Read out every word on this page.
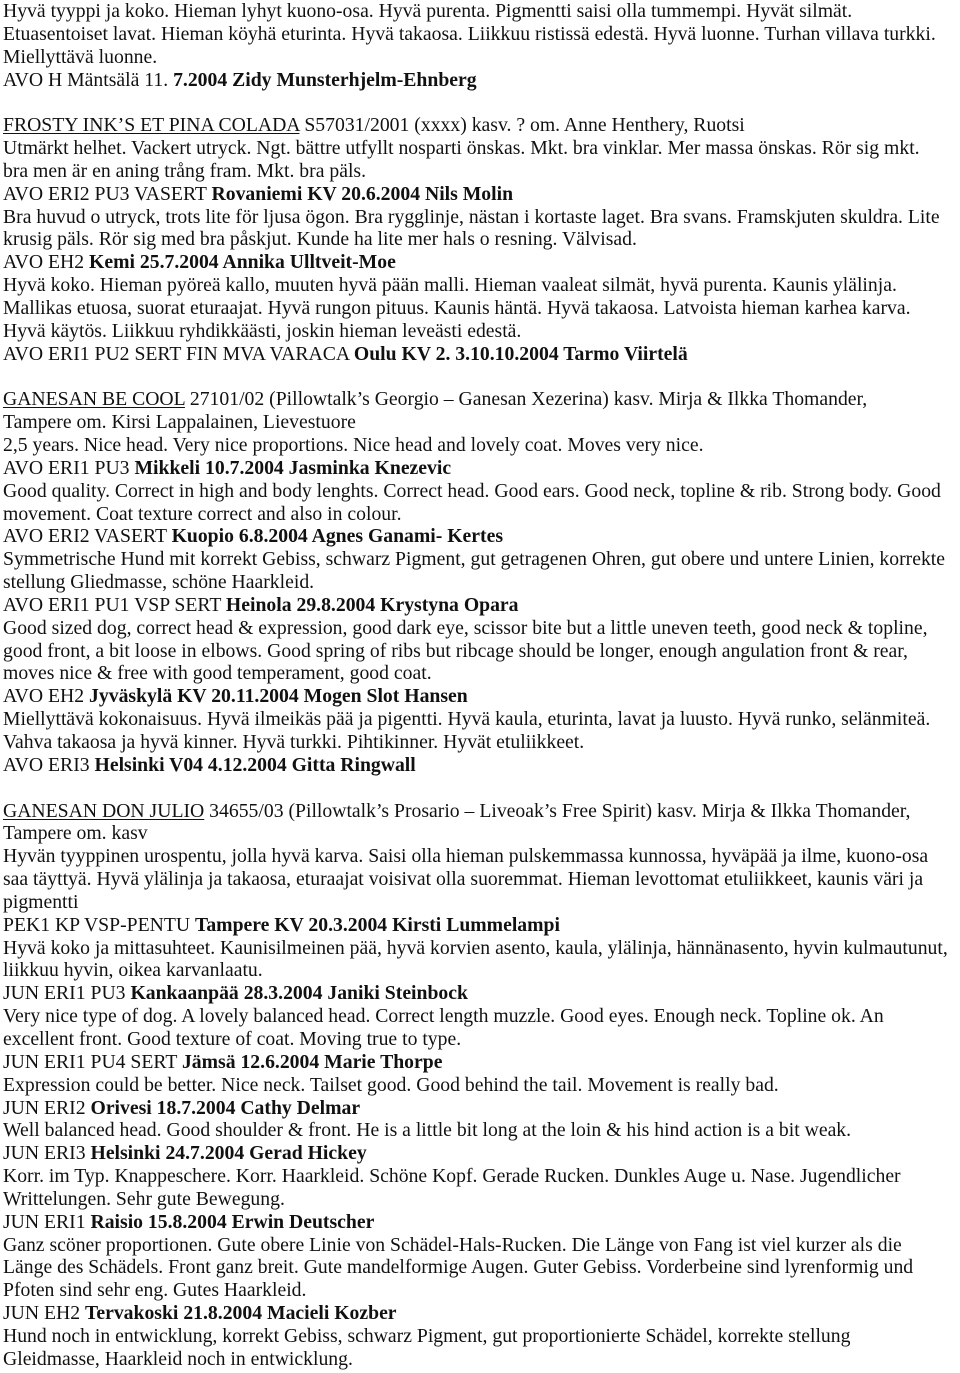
Hyvä tyyppi ja koko. Hieman lyhyt kuono-osa. Hyvä purenta. Pigmentti saisi olla tummempi. Hyvät silmät.
Etuasentoiset lavat. Hieman köyhä eturinta. Hyvä takaosa. Liikkuu ristissä edestä. Hyvä luonne. Turhan villava turkki.
Miellyttävä luonne.
AVO H Mäntsälä 11. 7.2004 Zidy Munsterhjelm-Ehnberg
FROSTY INK’S ET PINA COLADA S57031/2001 (xxxx) kasv. ? om. Anne Henthery, Ruotsi
Utmärkt helhet. Vackert utryck. Ngt. bättre utfyllt nosparti önskas. Mkt. bra vinklar. Mer massa önskas. Rör sig mkt.
bra men är en aning trång fram. Mkt. bra päls.
AVO ERI2 PU3 VASERT Rovaniemi KV 20.6.2004 Nils Molin
Bra huvud o utryck, trots lite för ljusa ögon. Bra rygglinje, nästan i kortaste laget. Bra svans. Framskjuten skuldra. Lite
krusig päls. Rör sig med bra påskjut. Kunde ha lite mer hals o resning. Välvisad.
AVO EH2 Kemi 25.7.2004 Annika Ulltveit-Moe
Hyvä koko. Hieman pyöreä kallo, muuten hyvä pään malli. Hieman vaaleat silmät, hyvä purenta. Kaunis ylälinja.
Mallikas etuosa, suorat eturaajat. Hyvä rungon pituus. Kaunis häntä. Hyvä takaosa. Latvoista hieman karhea karva.
Hyvä käytös. Liikkuu ryhdikkäästi, joskin hieman leveästi edestä.
AVO ERI1 PU2 SERT FIN MVA VARACA Oulu KV 2. 3.10.10.2004 Tarmo Viirtelä
GANESAN BE COOL 27101/02 (Pillowtalk’s Georgio – Ganesan Xezerina) kasv. Mirja & Ilkka Thomander,
Tampere om. Kirsi Lappalainen, Lievestuore
2,5 years. Nice head. Very nice proportions. Nice head and lovely coat. Moves very nice.
AVO ERI1 PU3 Mikkeli 10.7.2004 Jasminka Knezevic
Good quality. Correct in high and body lenghts. Correct head. Good ears. Good neck, topline & rib. Strong body. Good
movement. Coat texture correct and also in colour.
AVO ERI2 VASERT Kuopio 6.8.2004 Agnes Ganami- Kertes
Symmetrische Hund mit korrekt Gebiss, schwarz Pigment, gut getragenen Ohren, gut obere und untere Linien, korrekte
stellung Gliedmasse, schöne Haarkleid.
AVO ERI1 PU1 VSP SERT Heinola 29.8.2004 Krystyna Opara
Good sized dog, correct head & expression, good dark eye, scissor bite but a little uneven teeth, good neck & topline,
good front, a bit loose in elbows. Good spring of ribs but ribcage should be longer, enough angulation front & rear,
moves nice & free with good temperament, good coat.
AVO EH2 Jyväskylä KV 20.11.2004 Mogen Slot Hansen
Miellyttävä kokonaisuus. Hyvä ilmeikäs pää ja pigentti. Hyvä kaula, eturinta, lavat ja luusto. Hyvä runko, selänmiteä.
Vahva takaosa ja hyvä kinner. Hyvä turkki. Pihtikinner. Hyvät etuliikkeet.
AVO ERI3 Helsinki V04 4.12.2004 Gitta Ringwall
GANESAN DON JULIO 34655/03 (Pillowtalk’s Prosario – Liveoak’s Free Spirit) kasv. Mirja & Ilkka Thomander,
Tampere om. kasv
Hyvän tyyppinen urospentu, jolla hyvä karva. Saisi olla hieman pulskemmassa kunnossa, hyväpää ja ilme, kuono-osa
saa täyttyä. Hyvä ylälinja ja takaosa, eturaajat voisivat olla suoremmat. Hieman levottomat etuliikkeet, kaunis väri ja
pigmentti
PEK1 KP VSP-PENTU Tampere KV 20.3.2004 Kirsti Lummelampi
Hyvä koko ja mittasuhteet. Kaunisilmeinen pää, hyvä korvien asento, kaula, ylälinja, hännänasento, hyvin kulmautunut,
liikkuu hyvin, oikea karvanlaatu.
JUN ERI1 PU3 Kankaanpää 28.3.2004 Janiki Steinbock
Very nice type of dog. A lovely balanced head. Correct length muzzle. Good eyes. Enough neck. Topline ok. An
excellent front. Good texture of coat. Moving true to type.
JUN ERI1 PU4 SERT Jämsä 12.6.2004 Marie Thorpe
Expression could be better. Nice neck. Tailset good. Good behind the tail. Movement is really bad.
JUN ERI2 Orivesi 18.7.2004 Cathy Delmar
Well balanced head. Good shoulder & front. He is a little bit long at the loin & his hind action is a bit weak.
JUN ERI3 Helsinki 24.7.2004 Gerad Hickey
Korr. im Typ. Knappeschere. Korr. Haarkleid. Schöne Kopf. Gerade Rucken. Dunkles Auge u. Nase. Jugendlicher
Writtelungen. Sehr gute Bewegung.
JUN ERI1 Raisio 15.8.2004 Erwin Deutscher
Ganz scöner proportionen. Gute obere Linie von Schädel-Hals-Rucken. Die Länge von Fang ist viel kurzer als die
Länge des Schädels. Front ganz breit. Gute mandelformige Augen. Guter Gebiss. Vorderbeine sind lyrenformig und
Pfoten sind sehr eng. Gutes Haarkleid.
JUN EH2 Tervakoski 21.8.2004 Macieli Kozber
Hund noch in entwicklung, korrekt Gebiss, schwarz Pigment, gut proportionierte Schädel, korrekte stellung
Gleidmasse, Haarkleid noch in entwicklung.
